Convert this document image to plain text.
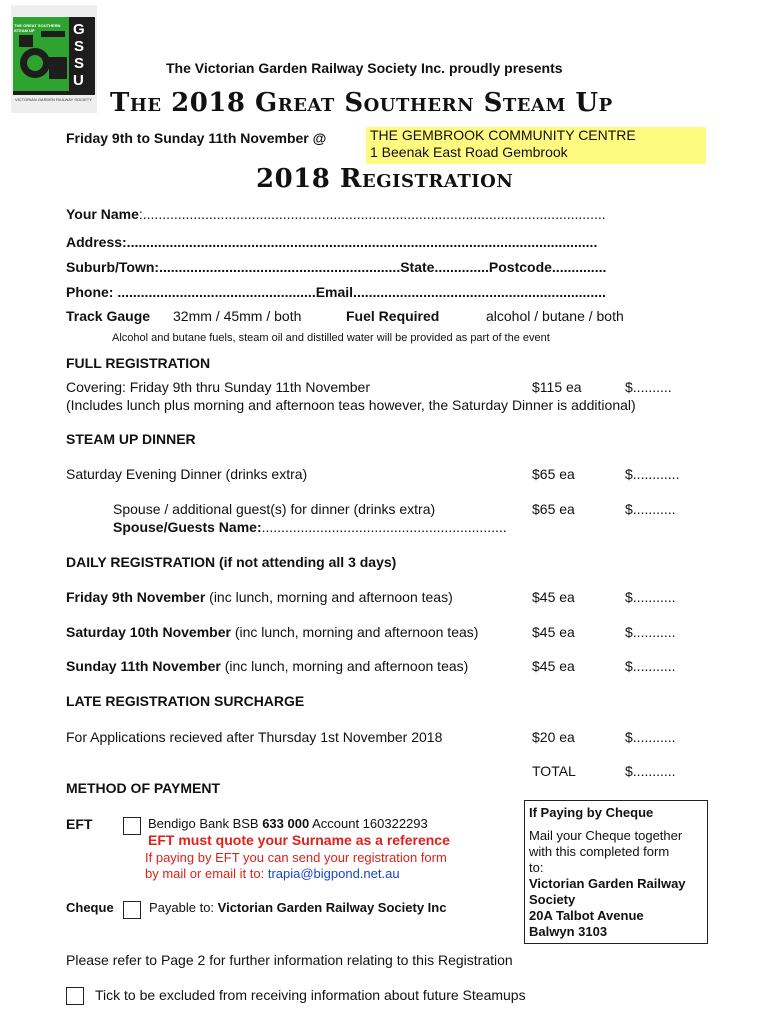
THE GREAT SOUTHERN STEAM UP	G
S
S
U
VICTORIAN GARDEN RAILWAY SOCIETY
The Victorian Garden Railway Society Inc. proudly presents
The 2018 Great Southern Steam Up
Friday 9th to Sunday 11th November @	THE GEMBROOK COMMUNITY CENTRE
1 Beenak East Road Gembrook
2018 Registration
Your Name:.......................................................................................................................
Address:.........................................................................................................................
Suburb/Town:..............................................................State..............Postcode..............
Phone: ...................................................Email.................................................................
Track Gauge 32mm / 45mm / both	Fuel Required	alcohol / butane / both
Alcohol and butane fuels, steam oil and distilled water will be provided as part of the event
FULL REGISTRATION
Covering: Friday 9th thru Sunday 11th November	$115 ea	$..........
(Includes lunch plus morning and afternoon teas however, the Saturday Dinner is additional)
STEAM UP DINNER
Saturday Evening Dinner (drinks extra)	$65 ea	$............
Spouse / additional guest(s) for dinner (drinks extra)	$65 ea	$...........
Spouse/Guests Name:...............................................................
DAILY REGISTRATION (if not attending all 3 days)
Friday 9th November (inc lunch, morning and afternoon teas)	$45 ea	$...........
Saturday 10th November (inc lunch, morning and afternoon teas)	$45 ea	$...........
Sunday 11th November (inc lunch, morning and afternoon teas)	$45 ea	$...........
LATE REGISTRATION SURCHARGE
For Applications recieved after Thursday 1st November 2018	$20 ea	$...........
TOTAL	$...........
METHOD OF PAYMENT
EFT	Bendigo Bank BSB 633 000 Account 160322293
EFT must quote your Surname as a reference
If paying by EFT you can send your registration form
by mail or email it to: trapia@bigpond.net.au
Cheque	Payable to: Victorian Garden Railway Society Inc
If Paying by Cheque
Mail your Cheque together
with this completed form
to:
Victorian Garden Railway
Society
20A Talbot Avenue
Balwyn 3103
Please refer to Page 2 for further information relating to this Registration
Tick to be excluded from receiving information about future Steamups
